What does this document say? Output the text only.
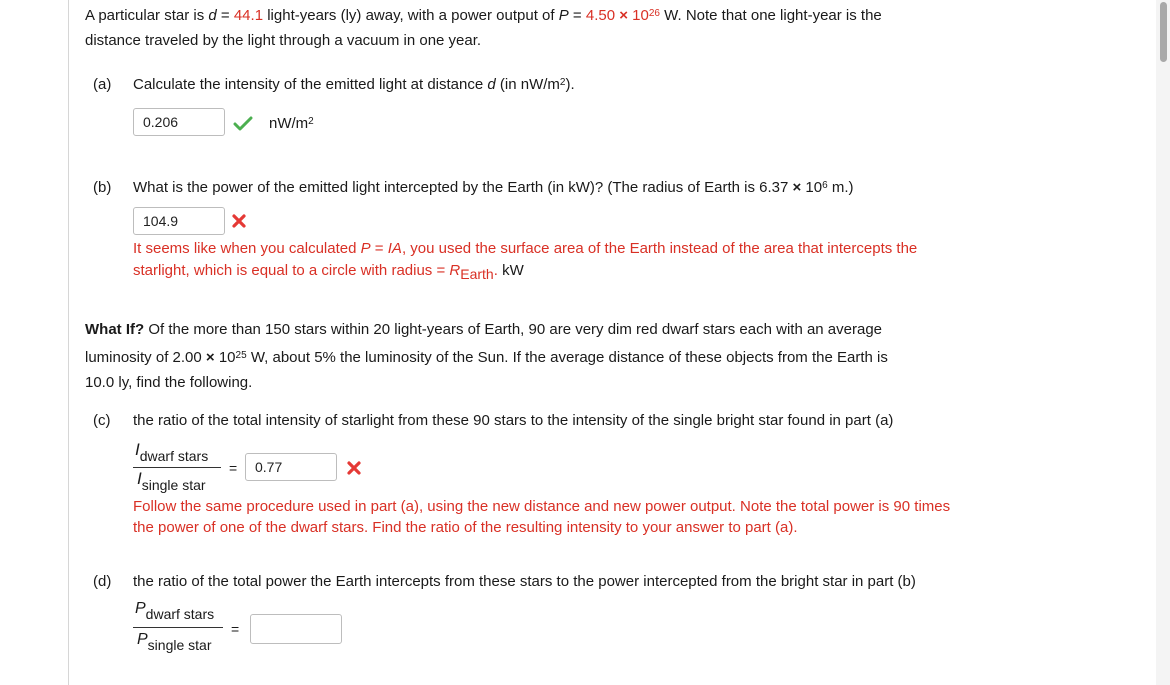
A particular star is d = 44.1 light-years (ly) away, with a power output of $P = 4.50 \times 10^{26}$ W. Note that one light-year is the
distance traveled by the light through a vacuum in one year.
(a) Calculate the intensity of the emitted light at distance d (in $nW/m^2$).
0.206	$nW/m^2$
(b) What is the power of the emitted light intercepted by the Earth (in kW)? (The radius of Earth is $6.37 \times 10^6$ m.)
104.9
It seems like when you calculated P = IA, you used the surface area of the Earth instead of the area that intercepts the
starlight, which is equal to a circle with radius = $R_{Earth}$. kW
What If? Of the more than 150 stars within 20 light-years of Earth, 90 are very dim red dwarf stars each with an average
luminosity of $2.00 \times 10^{25}$ W, about 5% the luminosity of the Sun. If the average distance of these objects from the Earth is
10.0 ly, find the following.
(c) the ratio of the total intensity of starlight from these 90 stars to the intensity of the single bright star found in part (a)
Idwarf stars
Isingle star
=	0.77
Follow the same procedure used in part (a), using the new distance and new power output. Note the total power is 90 times
the power of one of the dwarf stars. Find the ratio of the resulting intensity to your answer to part (a).
(d) the ratio of the total power the Earth intercepts from these stars to the power intercepted from the bright star in part (b)
Pdwarf stars
Psingle star
=
